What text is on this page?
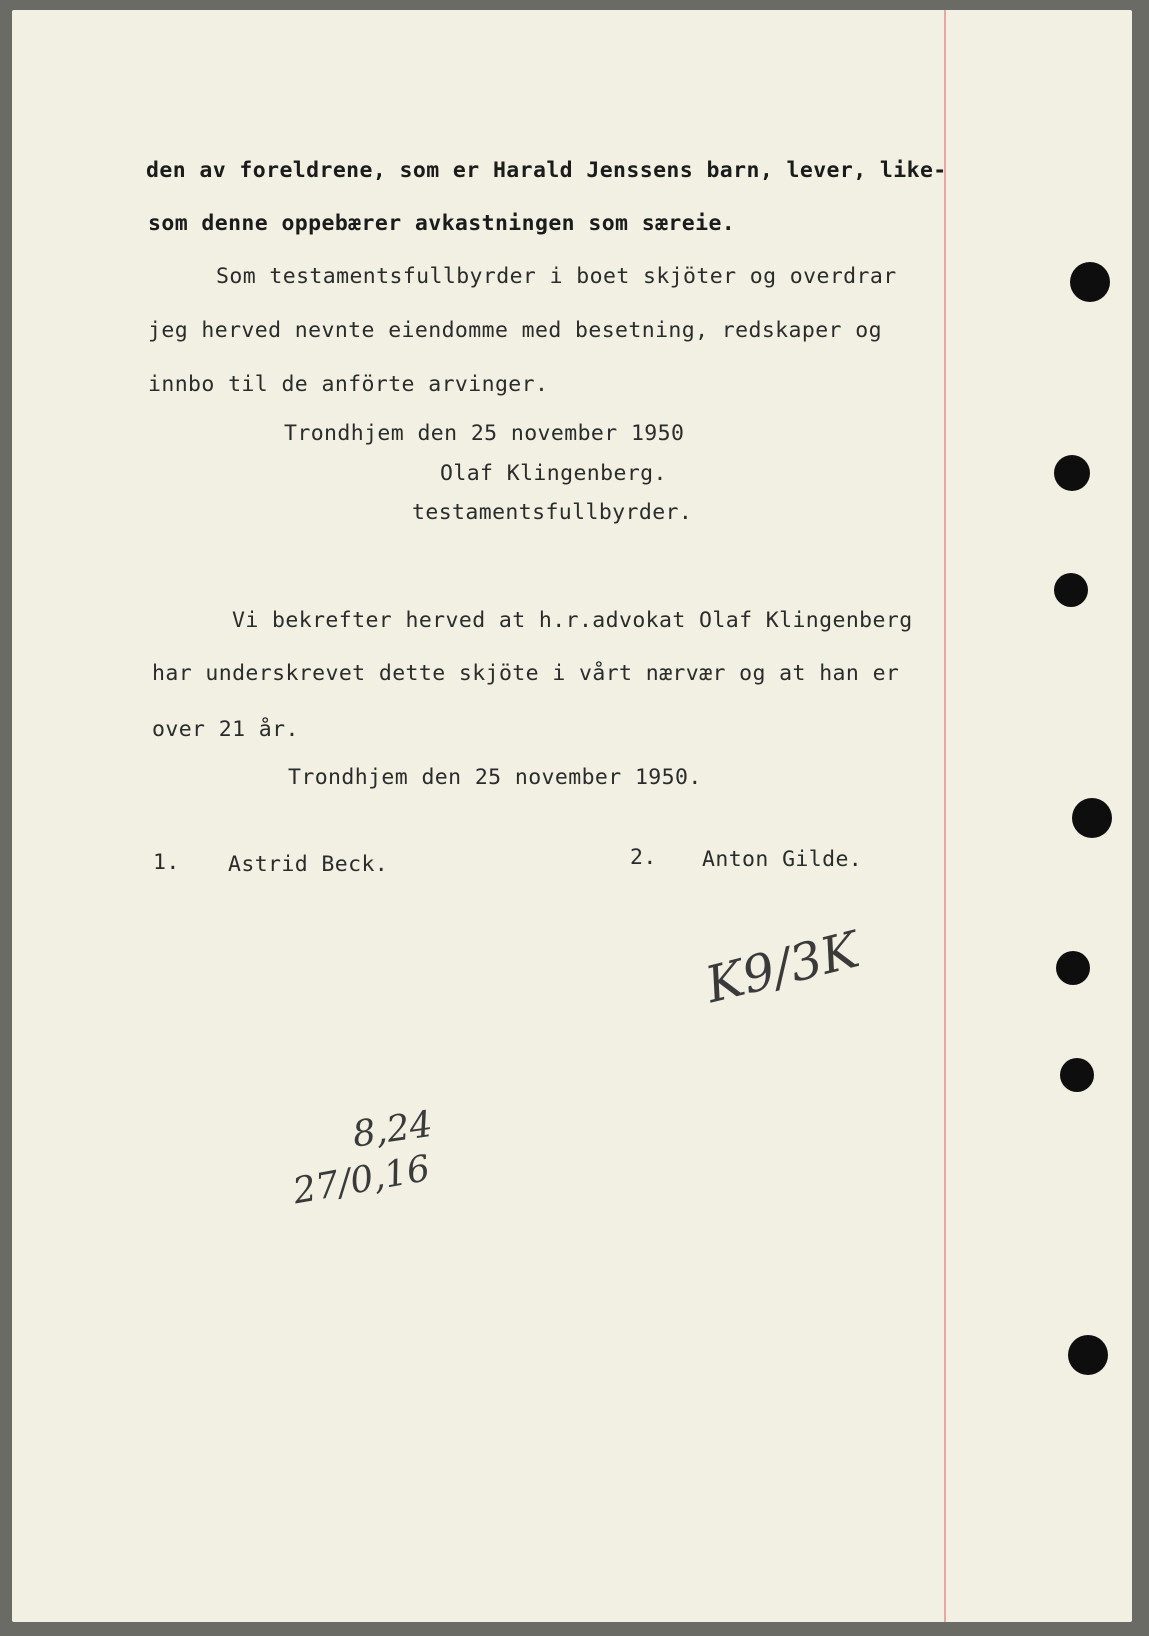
den av foreldrene, som er Harald Jenssens barn, lever, like-

som denne oppebærer avkastningen som særeie.

Som testamentsfullbyrder i boet skjöter og overdrar

jeg herved nevnte eiendomme med besetning, redskaper og

innbo til de anförte arvinger.

Trondhjem den 25 november 1950

Olaf Klingenberg.

testamentsfullbyrder.

Vi bekrefter herved at h.r.advokat Olaf Klingenberg

har underskrevet dette skjöte i vårt nærvær og at han er

over 21 år.

Trondhjem den 25 november 1950.

1. Astrid Beck.	2. Anton Gilde.

K9/3K
8,24
27/0,16
